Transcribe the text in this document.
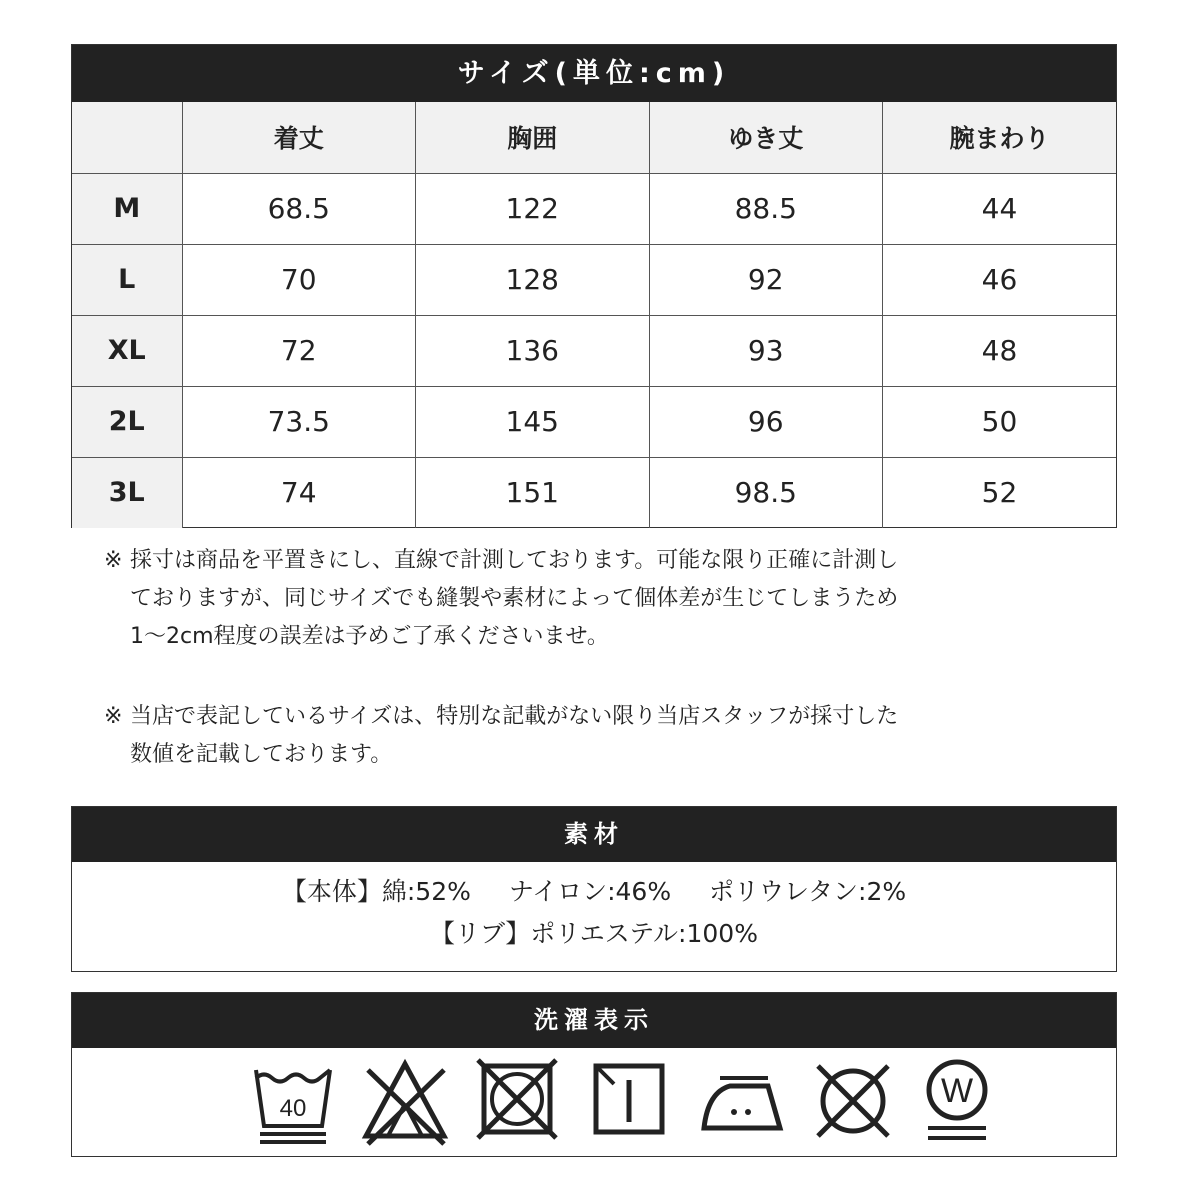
サイズ(単位:cm)
	着丈	胸囲	ゆき丈	腕まわり
M	68.5	122	88.5	44
L	70	128	92	46
XL	72	136	93	48
2L	73.5	145	96	50
3L	74	151	98.5	52
※ 採寸は商品を平置きにし、直線で計測しております。可能な限り正確に計測し
ておりますが、同じサイズでも縫製や素材によって個体差が生じてしまうため
1〜2cm程度の誤差は予めご了承くださいませ。
※ 当店で表記しているサイズは、特別な記載がない限り当店スタッフが採寸した
数値を記載しております。
素材
【本体】綿:52% ナイロン:46% ポリウレタン:2%
【リブ】ポリエステル:100%
洗濯表示
40	W
